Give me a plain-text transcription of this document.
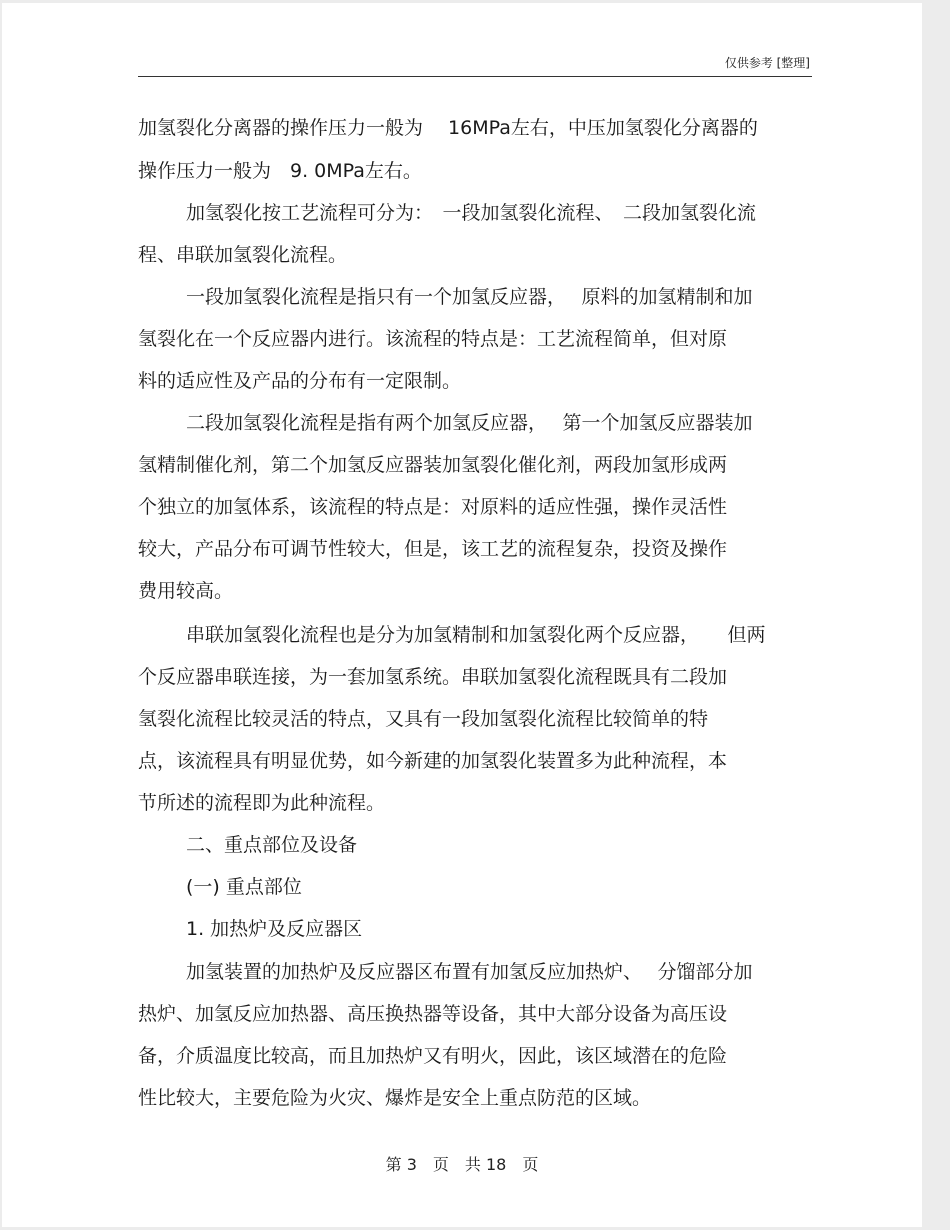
仅供参考 [整理]
加氢裂化分离器的操作压力一般为　 16MPa左右，中压加氢裂化分离器的
操作压力一般为　9. 0MPa左右。
加氢裂化按工艺流程可分为：　一段加氢裂化流程、　二段加氢裂化流
程、串联加氢裂化流程。
一段加氢裂化流程是指只有一个加氢反应器，　 原料的加氢精制和加
氢裂化在一个反应器内进行。该流程的特点是：工艺流程简单，但对原
料的适应性及产品的分布有一定限制。
二段加氢裂化流程是指有两个加氢反应器，　 第一个加氢反应器装加
氢精制催化剂，第二个加氢反应器装加氢裂化催化剂，两段加氢形成两
个独立的加氢体系，该流程的特点是：对原料的适应性强，操作灵活性
较大，产品分布可调节性较大，但是，该工艺的流程复杂，投资及操作
费用较高。
串联加氢裂化流程也是分为加氢精制和加氢裂化两个反应器，　　但两
个反应器串联连接，为一套加氢系统。串联加氢裂化流程既具有二段加
氢裂化流程比较灵活的特点，又具有一段加氢裂化流程比较简单的特
点，该流程具有明显优势，如今新建的加氢裂化装置多为此种流程，本
节所述的流程即为此种流程。
二、重点部位及设备
(一) 重点部位
1. 加热炉及反应器区
加氢装置的加热炉及反应器区布置有加氢反应加热炉、　 分馏部分加
热炉、加氢反应加热器、高压换热器等设备，其中大部分设备为高压设
备，介质温度比较高，而且加热炉又有明火，因此，该区域潜在的危险
性比较大，主要危险为火灾、爆炸是安全上重点防范的区域。
第 3　页　共 18　页
